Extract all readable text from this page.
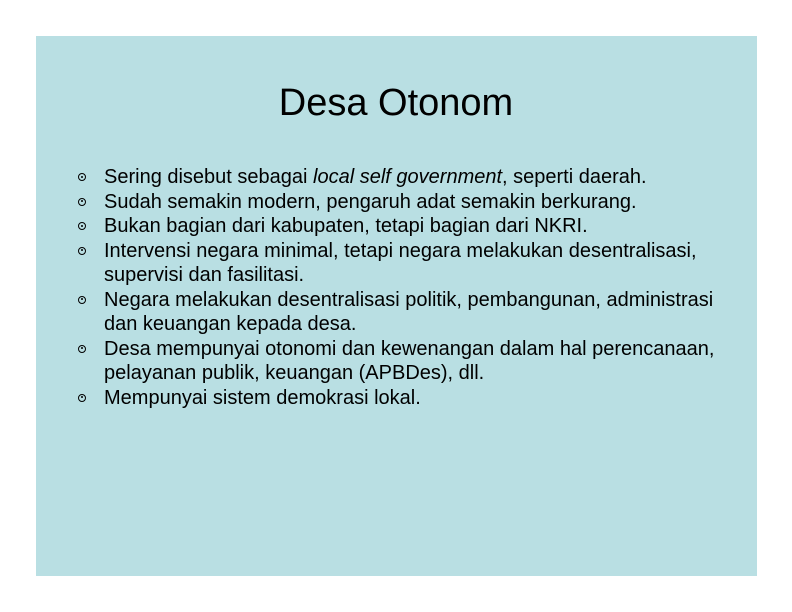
Desa Otonom
Sering disebut sebagai local self government, seperti daerah.
Sudah semakin modern, pengaruh adat semakin berkurang.
Bukan bagian dari kabupaten, tetapi bagian dari NKRI.
Intervensi negara minimal, tetapi negara melakukan desentralisasi, supervisi dan fasilitasi.
Negara melakukan desentralisasi politik, pembangunan, administrasi dan keuangan kepada desa.
Desa mempunyai otonomi dan kewenangan dalam hal perencanaan, pelayanan publik, keuangan (APBDes), dll.
Mempunyai sistem demokrasi lokal.
